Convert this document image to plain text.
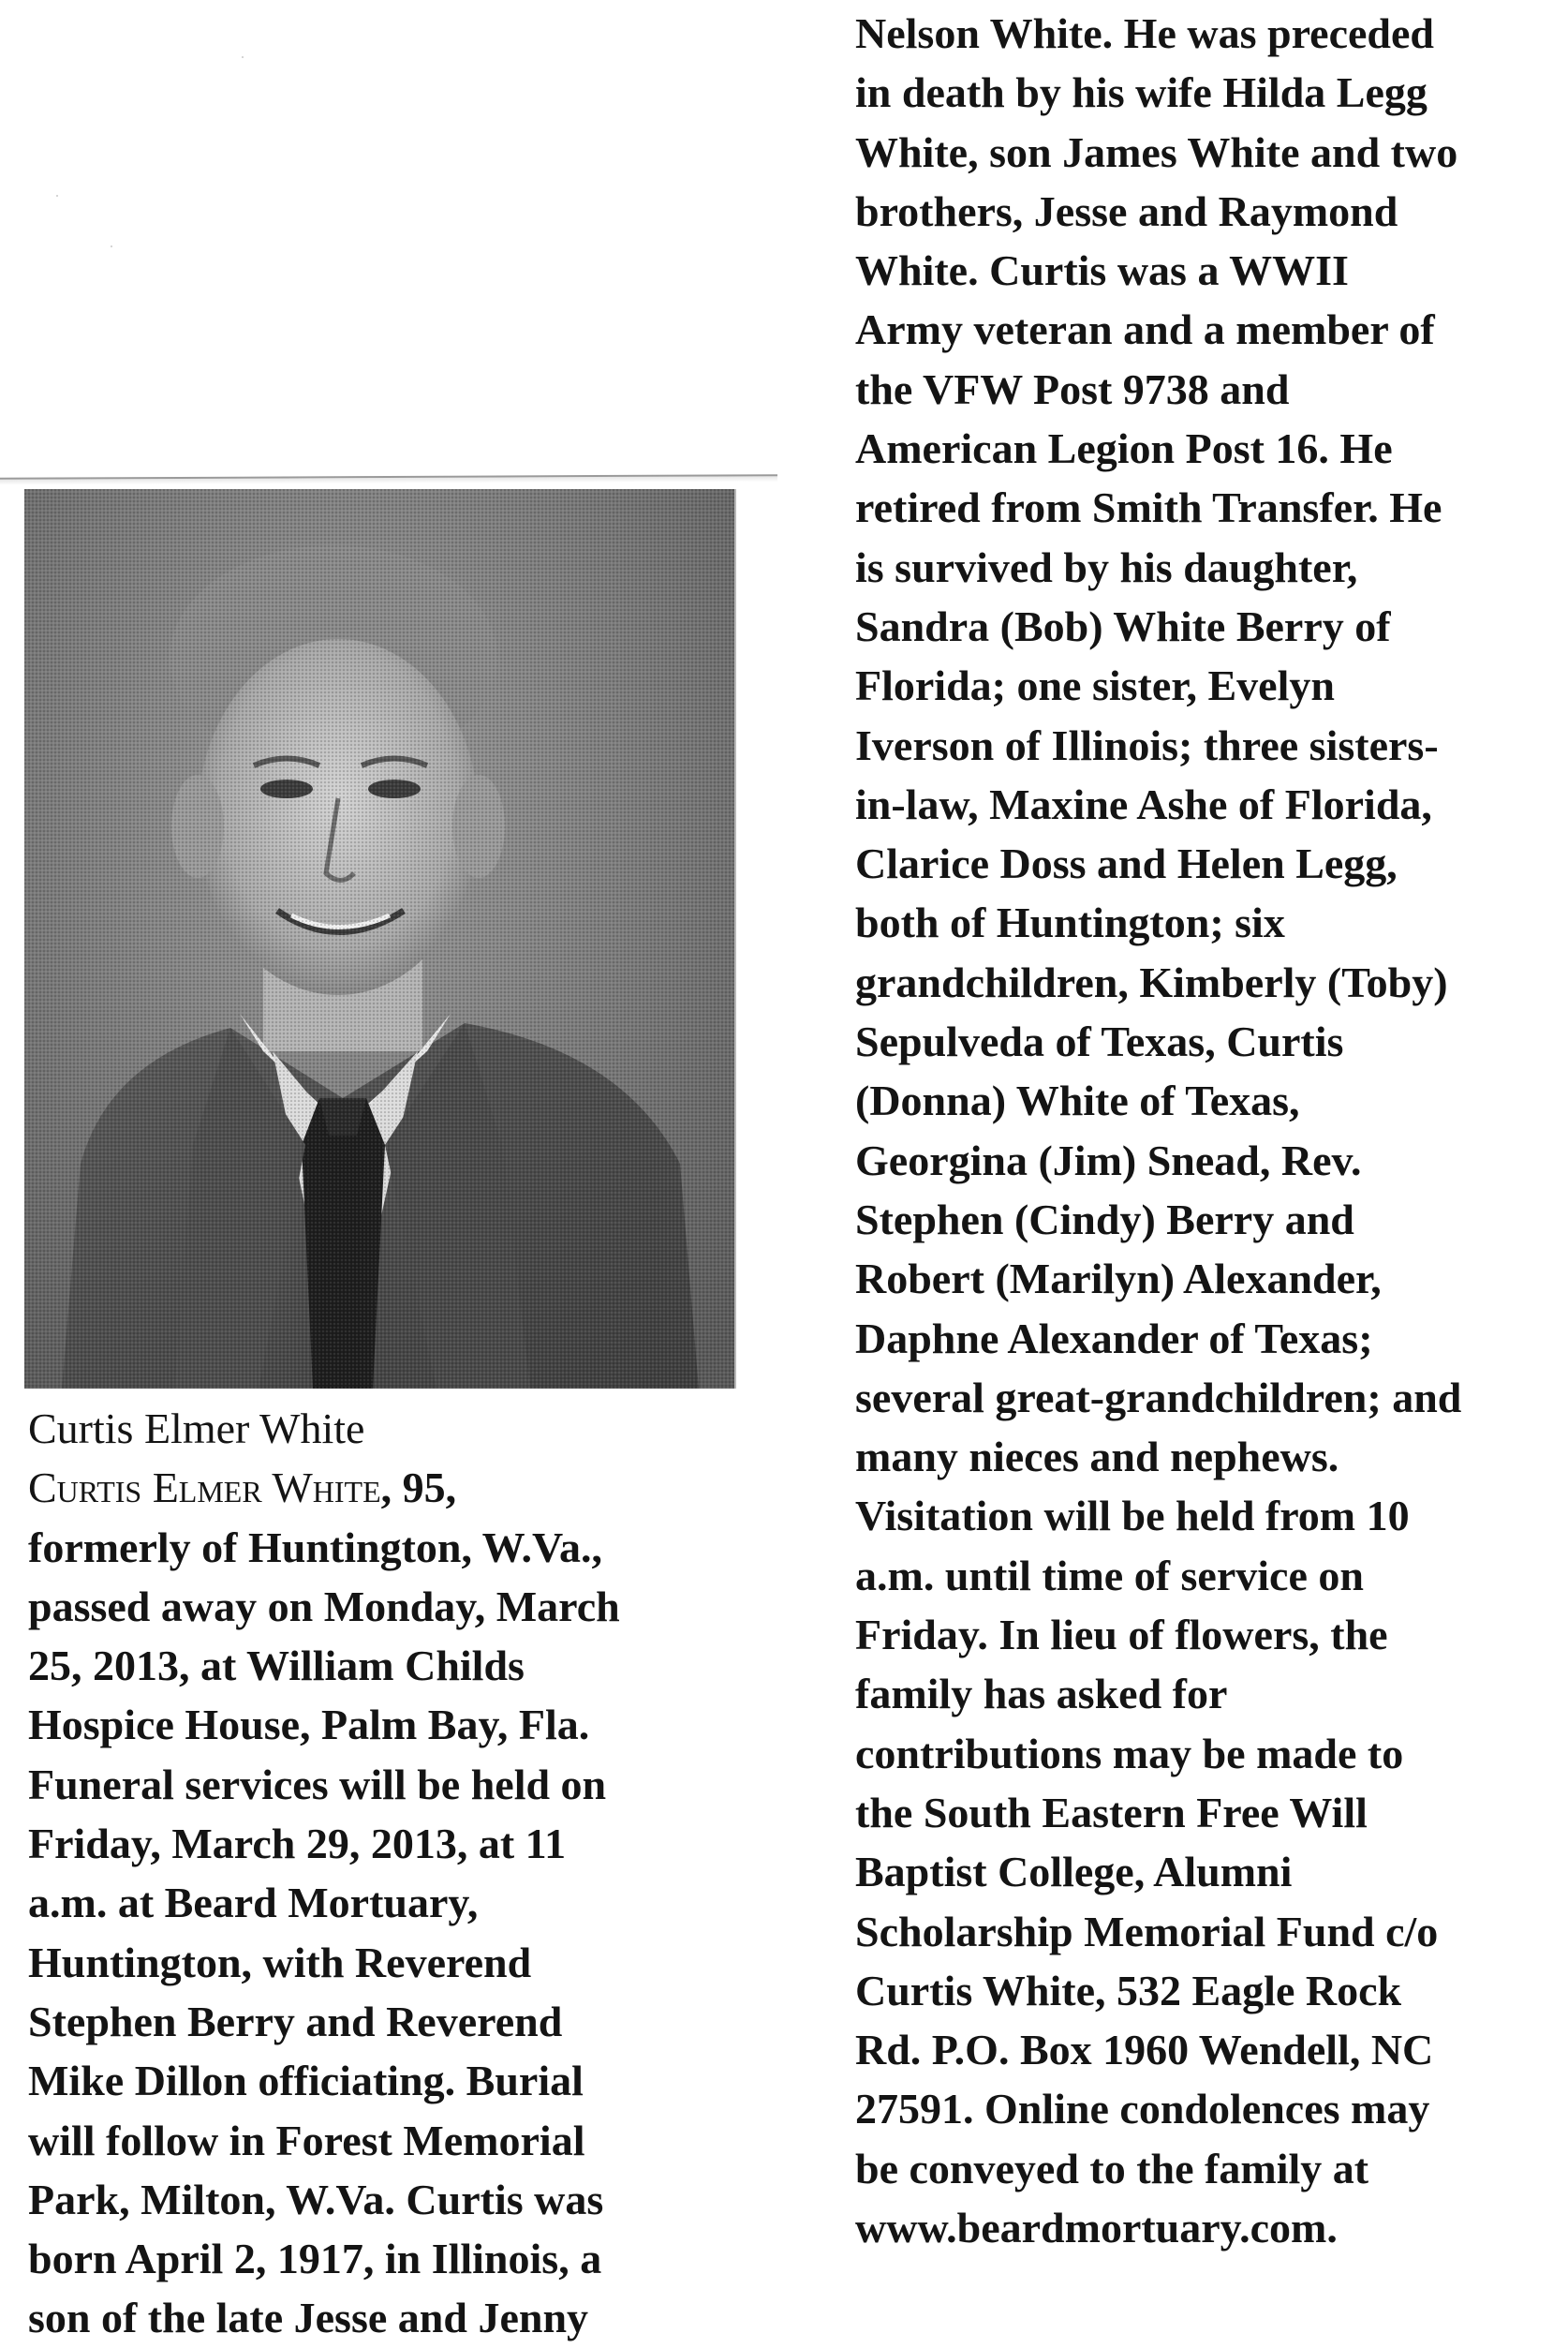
Curtis Elmer White
Curtis Elmer White, 95,
formerly of Huntington, W.Va.,
passed away on Monday, March
25, 2013, at William Childs
Hospice House, Palm Bay, Fla.
Funeral services will be held on
Friday, March 29, 2013, at 11
a.m. at Beard Mortuary,
Huntington, with Reverend
Stephen Berry and Reverend
Mike Dillon officiating. Burial
will follow in Forest Memorial
Park, Milton, W.Va. Curtis was
born April 2, 1917, in Illinois, a
son of the late Jesse and Jenny
Nelson White. He was preceded
in death by his wife Hilda Legg
White, son James White and two
brothers, Jesse and Raymond
White. Curtis was a WWII
Army veteran and a member of
the VFW Post 9738 and
American Legion Post 16. He
retired from Smith Transfer. He
is survived by his daughter,
Sandra (Bob) White Berry of
Florida; one sister, Evelyn
Iverson of Illinois; three sisters-
in-law, Maxine Ashe of Florida,
Clarice Doss and Helen Legg,
both of Huntington; six
grandchildren, Kimberly (Toby)
Sepulveda of Texas, Curtis
(Donna) White of Texas,
Georgina (Jim) Snead, Rev.
Stephen (Cindy) Berry and
Robert (Marilyn) Alexander,
Daphne Alexander of Texas;
several great-grandchildren; and
many nieces and nephews.
Visitation will be held from 10
a.m. until time of service on
Friday. In lieu of flowers, the
family has asked for
contributions may be made to
the South Eastern Free Will
Baptist College, Alumni
Scholarship Memorial Fund c/o
Curtis White, 532 Eagle Rock
Rd. P.O. Box 1960 Wendell, NC
27591. Online condolences may
be conveyed to the family at
www.beardmortuary.com.
